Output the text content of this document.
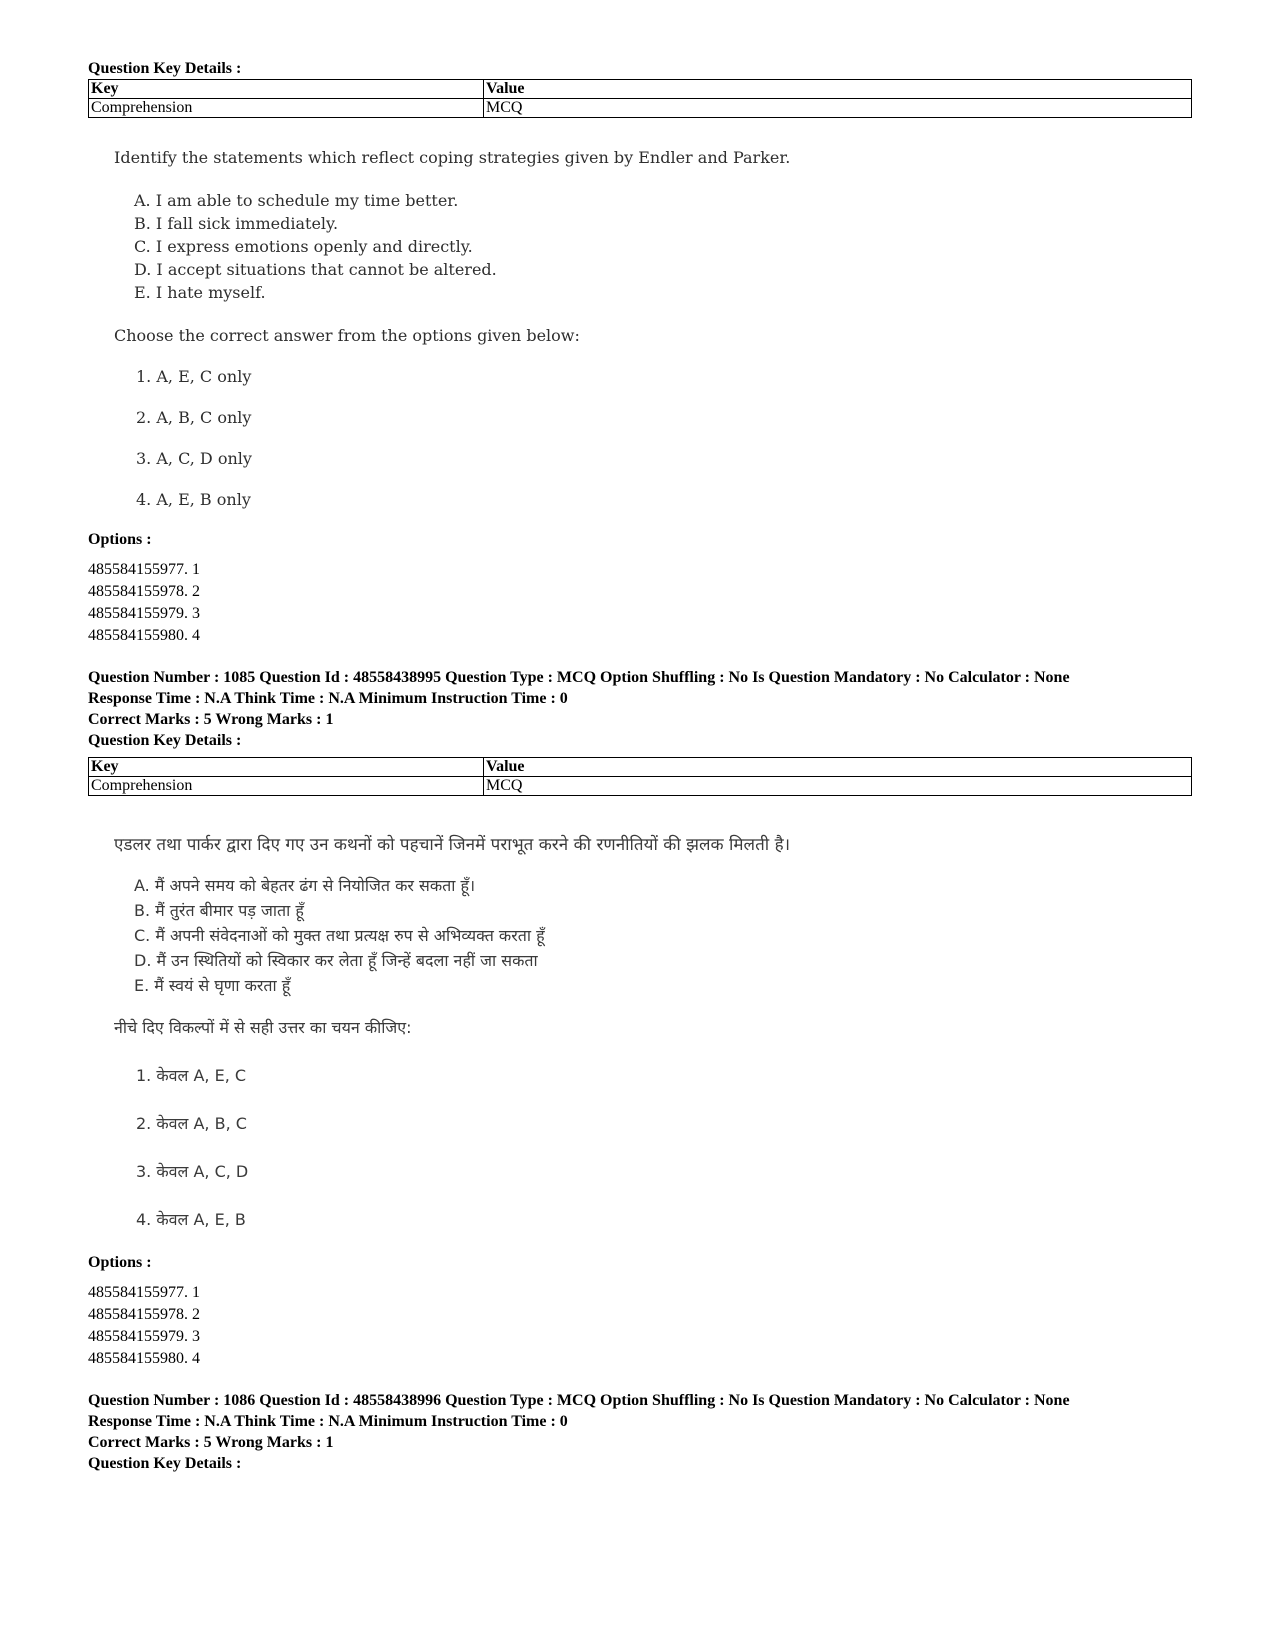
Question Key Details :
Key	Value
Comprehension	MCQ
Identify the statements which reflect coping strategies given by Endler and Parker.
A. I am able to schedule my time better.
B. I fall sick immediately.
C. I express emotions openly and directly.
D. I accept situations that cannot be altered.
E. I hate myself.
Choose the correct answer from the options given below:
1. A, E, C only
2. A, B, C only
3. A, C, D only
4. A, E, B only
Options :
485584155977. 1
485584155978. 2
485584155979. 3
485584155980. 4
Question Number : 1085 Question Id : 48558438995 Question Type : MCQ Option Shuffling : No Is Question Mandatory : No Calculator : None
Response Time : N.A Think Time : N.A Minimum Instruction Time : 0
Correct Marks : 5 Wrong Marks : 1
Question Key Details :
Key	Value
Comprehension	MCQ
एडलर तथा पार्कर द्वारा दिए गए उन कथनों को पहचानें जिनमें पराभूत करने की रणनीतियों की झलक मिलती है।
A. मैं अपने समय को बेहतर ढंग से नियोजित कर सकता हूँ।
B. मैं तुरंत बीमार पड़ जाता हूँ
C. मैं अपनी संवेदनाओं को मुक्त तथा प्रत्यक्ष रुप से अभिव्यक्त करता हूँ
D. मैं उन स्थितियों को स्विकार कर लेता हूँ जिन्हें बदला नहीं जा सकता
E. मैं स्वयं से घृणा करता हूँ
नीचे दिए विकल्पों में से सही उत्तर का चयन कीजिए:
1. केवल A, E, C
2. केवल A, B, C
3. केवल A, C, D
4. केवल A, E, B
Options :
485584155977. 1
485584155978. 2
485584155979. 3
485584155980. 4
Question Number : 1086 Question Id : 48558438996 Question Type : MCQ Option Shuffling : No Is Question Mandatory : No Calculator : None
Response Time : N.A Think Time : N.A Minimum Instruction Time : 0
Correct Marks : 5 Wrong Marks : 1
Question Key Details :
